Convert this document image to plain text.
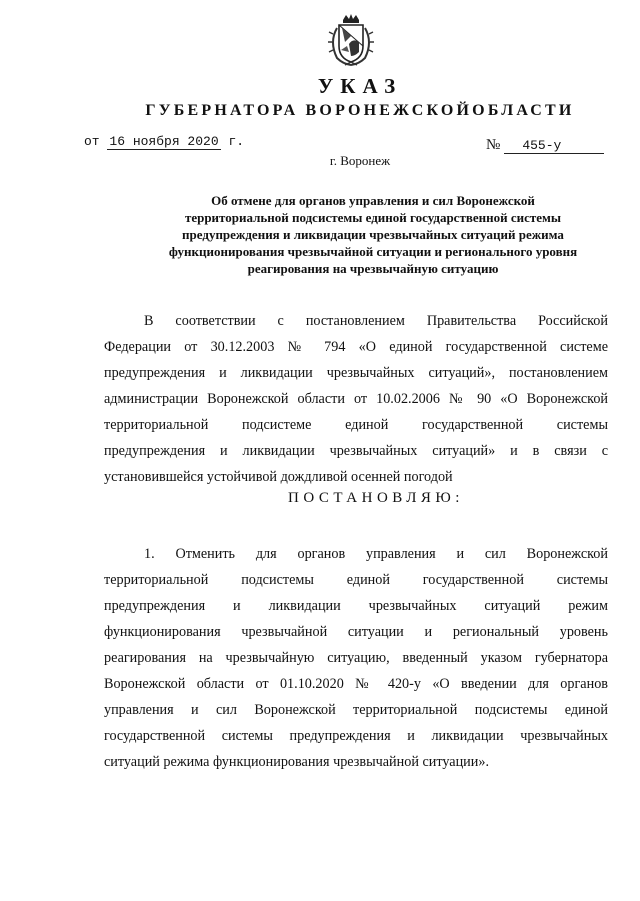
УКАЗ
ГУБЕРНАТОРА ВОРОНЕЖСКОЙОБЛАСТИ
от 16 ноября 2020 г.	№ 455-у
г. Воронеж
Об отмене для органов управления и сил Воронежской
территориальной подсистемы единой государственной системы
предупреждения и ликвидации чрезвычайных ситуаций режима
функционирования чрезвычайной ситуации и регионального уровня
реагирования на чрезвычайную ситуацию
В соответствии с постановлением Правительства Российской
Федерации от 30.12.2003 № 794 «О единой государственной системе
предупреждения и ликвидации чрезвычайных ситуаций», постановлением
администрации Воронежской области от 10.02.2006 № 90 «О Воронежской
территориальной подсистеме единой государственной системы
предупреждения и ликвидации чрезвычайных ситуаций» и в связи с
установившейся устойчивой дождливой осенней погодой
ПОСТАНОВЛЯЮ:
1. Отменить для органов управления и сил Воронежской
территориальной подсистемы единой государственной системы
предупреждения и ликвидации чрезвычайных ситуаций режим
функционирования чрезвычайной ситуации и региональный уровень
реагирования на чрезвычайную ситуацию, введенный указом губернатора
Воронежской области от 01.10.2020 № 420-у «О введении для органов
управления и сил Воронежской территориальной подсистемы единой
государственной системы предупреждения и ликвидации чрезвычайных
ситуаций режима функционирования чрезвычайной ситуации».
